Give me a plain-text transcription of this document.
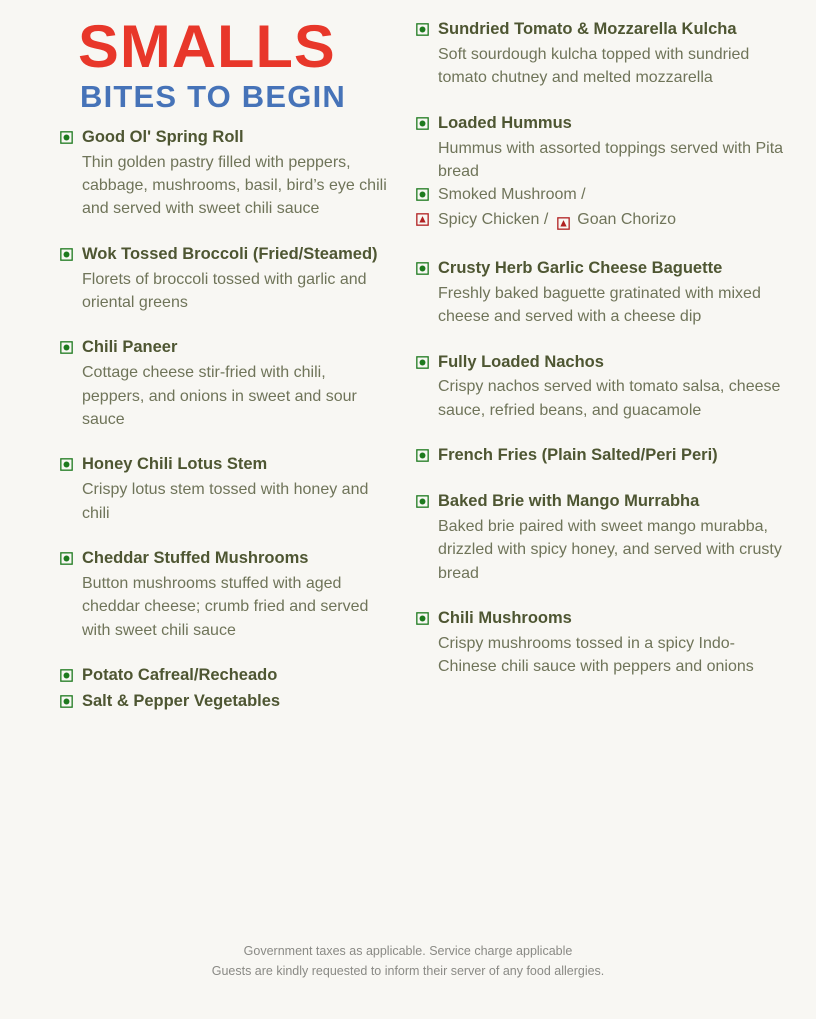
SMALLS
BITES TO BEGIN
Good Ol' Spring Roll
Thin golden pastry filled with peppers, cabbage, mushrooms, basil, bird’s eye chili and served with sweet chili sauce
Wok Tossed Broccoli (Fried/Steamed)
Florets of broccoli tossed with garlic and oriental greens
Chili Paneer
Cottage cheese stir-fried with chili, peppers, and onions in sweet and sour sauce
Honey Chili Lotus Stem
Crispy lotus stem tossed with honey and chili
Cheddar Stuffed Mushrooms
Button mushrooms stuffed with aged cheddar cheese; crumb fried and served with sweet chili sauce
Potato Cafreal/Recheado
Salt & Pepper Vegetables
Sundried Tomato & Mozzarella Kulcha
Soft sourdough kulcha topped with sundried tomato chutney and melted mozzarella
Loaded Hummus
Hummus with assorted toppings served with Pita bread
Smoked Mushroom /
Spicy Chicken / Goan Chorizo
Crusty Herb Garlic Cheese Baguette
Freshly baked baguette gratinated with mixed cheese and served with a cheese dip
Fully Loaded Nachos
Crispy nachos served with tomato salsa, cheese sauce, refried beans, and guacamole
French Fries (Plain Salted/Peri Peri)
Baked Brie with Mango Murrabha
Baked brie paired with sweet mango murabba, drizzled with spicy honey, and served with crusty bread
Chili Mushrooms
Crispy mushrooms tossed in a spicy Indo-Chinese chili sauce with peppers and onions
Government taxes as applicable. Service charge applicable
Guests are kindly requested to inform their server of any food allergies.
